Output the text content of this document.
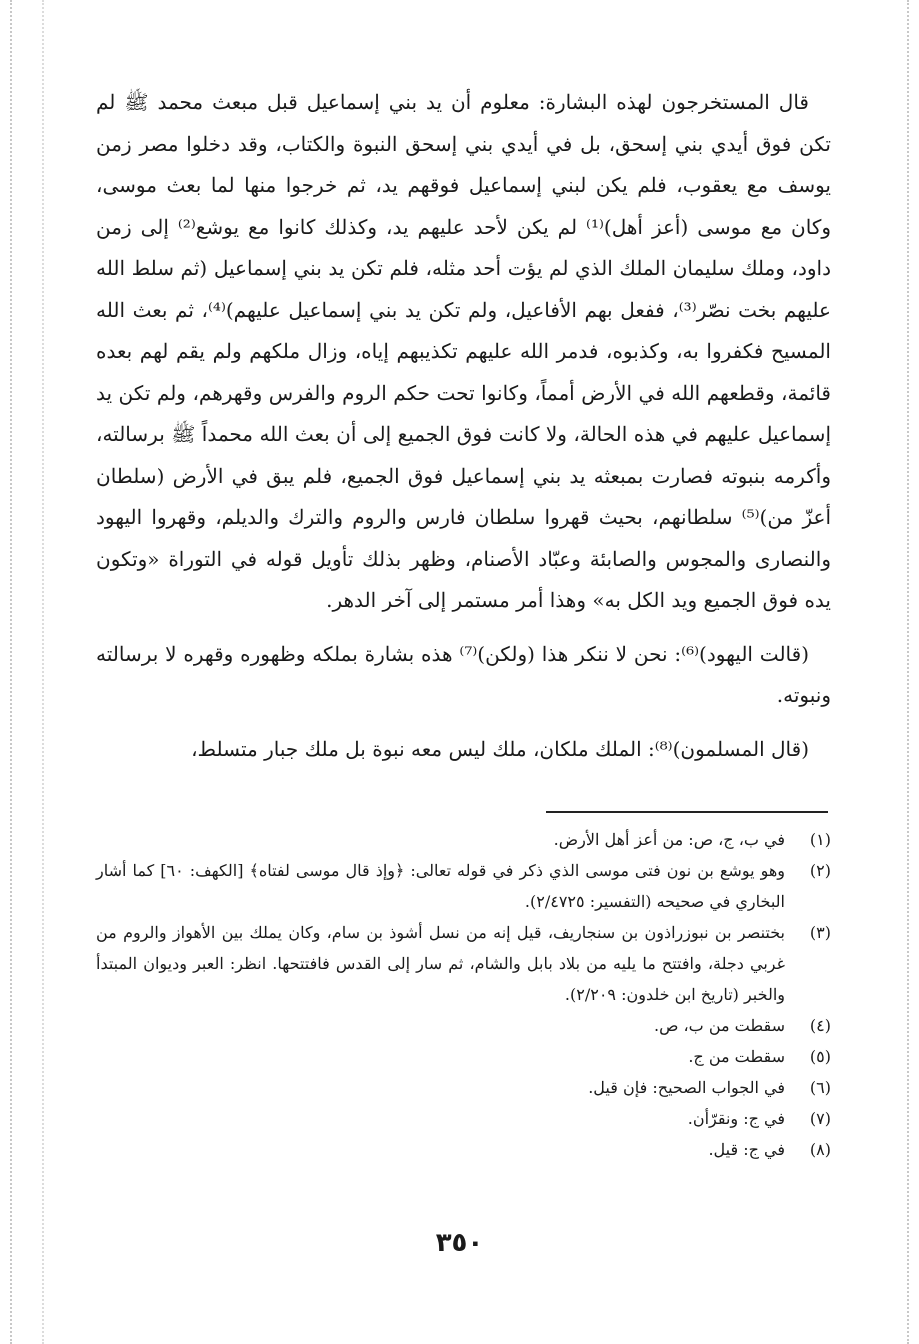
قال المستخرجون لهذه البشارة: معلوم أن يد بني إسماعيل قبل مبعث محمد ﷺ لم تكن فوق أيدي بني إسحق، بل في أيدي بني إسحق النبوة والكتاب، وقد دخلوا مصر زمن يوسف مع يعقوب، فلم يكن لبني إسماعيل فوقهم يد، ثم خرجوا منها لما بعث موسى، وكان مع موسى (أعز أهل)⁽¹⁾ لم يكن لأحد عليهم يد، وكذلك كانوا مع يوشع⁽²⁾ إلى زمن داود، وملك سليمان الملك الذي لم يؤت أحد مثله، فلم تكن يد بني إسماعيل (ثم سلط الله عليهم بخت نصّر⁽³⁾، ففعل بهم الأفاعيل، ولم تكن يد بني إسماعيل عليهم)⁽⁴⁾، ثم بعث الله المسيح فكفروا به، وكذبوه، فدمر الله عليهم تكذيبهم إياه، وزال ملكهم ولم يقم لهم بعده قائمة، وقطعهم الله في الأرض أمماً، وكانوا تحت حكم الروم والفرس وقهرهم، ولم تكن يد إسماعيل عليهم في هذه الحالة، ولا كانت فوق الجميع إلى أن بعث الله محمداً ﷺ برسالته، وأكرمه بنبوته فصارت بمبعثه يد بني إسماعيل فوق الجميع، فلم يبق في الأرض (سلطان أعزّ من)⁽⁵⁾ سلطانهم، بحيث قهروا سلطان فارس والروم والترك والديلم، وقهروا اليهود والنصارى والمجوس والصابئة وعبّاد الأصنام، وظهر بذلك تأويل قوله في التوراة «وتكون يده فوق الجميع ويد الكل به» وهذا أمر مستمر إلى آخر الدهر.

(قالت اليهود)⁽⁶⁾: نحن لا ننكر هذا (ولكن)⁽⁷⁾ هذه بشارة بملكه وظهوره وقهره لا برسالته ونبوته.

(قال المسلمون)⁽⁸⁾: الملك ملكان، ملك ليس معه نبوة بل ملك جبار متسلط،

(١)
في ب، ج، ص: من أعز أهل الأرض.
(٢)
وهو يوشع بن نون فتى موسى الذي ذكر في قوله تعالى: ﴿وإذ قال موسى لفتاه﴾ [الكهف: ٦٠] كما أشار البخاري في صحيحه (التفسير: ٢/٤٧٢٥).
(٣)
بختنصر بن نبوزراذون بن سنجاريف، قيل إنه من نسل أشوذ بن سام، وكان يملك بين الأهواز والروم من غربي دجلة، وافتتح ما يليه من بلاد بابل والشام، ثم سار إلى القدس فافتتحها. انظر: العبر وديوان المبتدأ والخبر (تاريخ ابن خلدون: ٢/٢٠٩).
(٤)
سقطت من ب، ص.
(٥)
سقطت من ج.
(٦)
في الجواب الصحيح: فإن قيل.
(٧)
في ج: ونقرّأن.
(٨)
في ج: قيل.
٣٥٠
